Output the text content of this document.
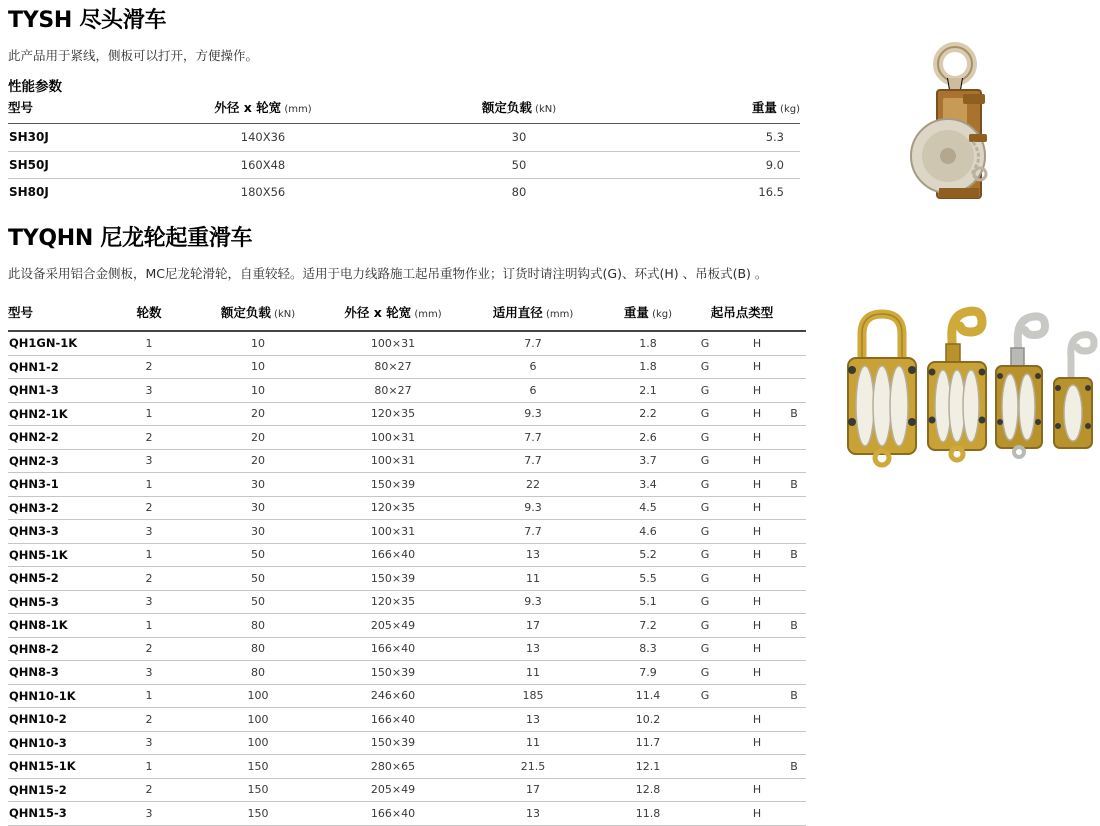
TYSH 尽头滑车

此产品用于紧线，侧板可以打开，方便操作。

性能参数
型号	外径 x 轮宽 (mm)	额定负载 (kN)	重量 (kg)
SH30J	140X36	30	5.3
SH50J	160X48	50	9.0
SH80J	180X56	80	16.5
TYQHN 尼龙轮起重滑车

此设备采用铝合金侧板，MC尼龙轮滑轮，自重较轻。适用于电力线路施工起吊重物作业；订货时请注明钩式(G)、环式(H) 、吊板式(B) 。

型号	轮数	额定负载 (kN)	外径 x 轮宽 (mm)	适用直径 (mm)	重量 (kg)	起吊点类型		
QH1GN-1K	1	10	100×31	7.7	1.8	G	H	
QHN1-2	2	10	80×27	6	1.8	G	H	
QHN1-3	3	10	80×27	6	2.1	G	H	
QHN2-1K	1	20	120×35	9.3	2.2	G	H	B
QHN2-2	2	20	100×31	7.7	2.6	G	H	
QHN2-3	3	20	100×31	7.7	3.7	G	H	
QHN3-1	1	30	150×39	22	3.4	G	H	B
QHN3-2	2	30	120×35	9.3	4.5	G	H	
QHN3-3	3	30	100×31	7.7	4.6	G	H	
QHN5-1K	1	50	166×40	13	5.2	G	H	B
QHN5-2	2	50	150×39	11	5.5	G	H	
QHN5-3	3	50	120×35	9.3	5.1	G	H	
QHN8-1K	1	80	205×49	17	7.2	G	H	B
QHN8-2	2	80	166×40	13	8.3	G	H	
QHN8-3	3	80	150×39	11	7.9	G	H	
QHN10-1K	1	100	246×60	185	11.4	G		B
QHN10-2	2	100	166×40	13	10.2		H	
QHN10-3	3	100	150×39	11	11.7		H	
QHN15-1K	1	150	280×65	21.5	12.1			B
QHN15-2	2	150	205×49	17	12.8		H	
QHN15-3	3	150	166×40	13	11.8		H	
